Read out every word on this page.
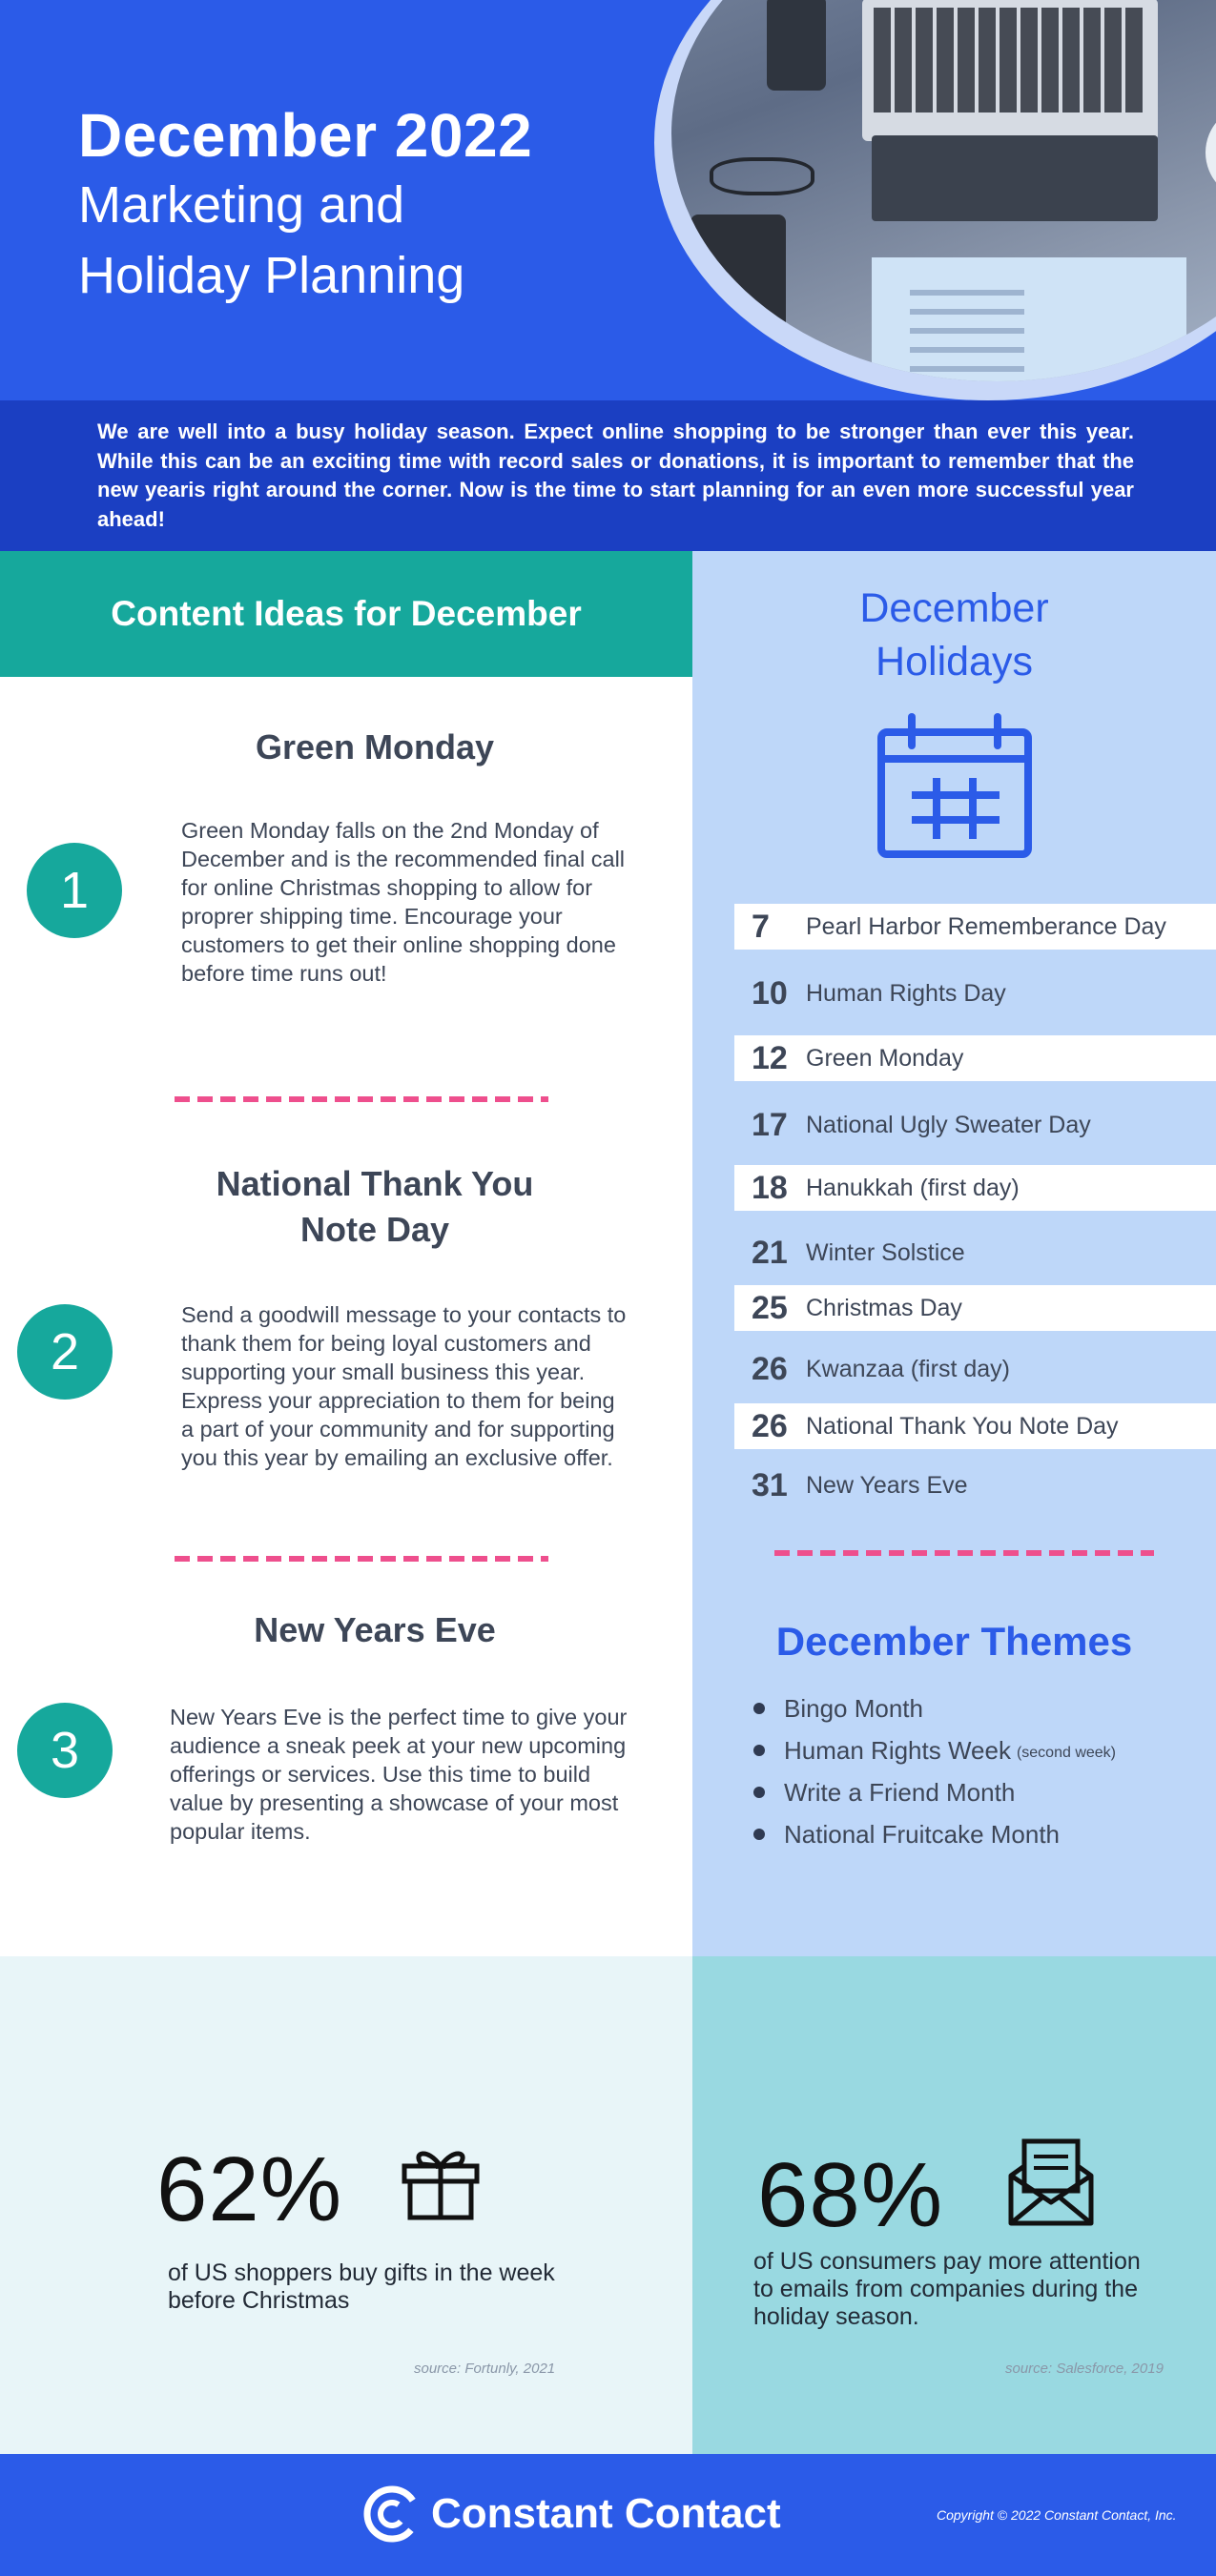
December 2022
Marketing and
Holiday Planning

We are well into a busy holiday season. Expect online shopping to be stronger than ever this year. While this can be an exciting time with record sales or donations, it is important to remember that the new yearis right around the corner. Now is the time to start planning for an even more successful year ahead!

Content Ideas for December
Green Monday
1
Green Monday falls on the 2nd Monday of December and is the recommended final call for online Christmas shopping to allow for proprer shipping time. Encourage your customers to get their online shopping done before time runs out!
National Thank You
Note Day
2
Send a goodwill message to your contacts to thank them for being loyal customers and supporting your small business this year. Express your appreciation to them for being a part of your community and for supporting you this year by emailing an exclusive offer.
New Years Eve
3
New Years Eve is the perfect time to give your audience a sneak peek at your new upcoming offerings or services. Use this time to build value by presenting a showcase of your most popular items.
December
Holidays
7	Pearl Harbor Rememberance Day
10 Human Rights Day
12 Green Monday
17 National Ugly Sweater Day
18 Hanukkah (first day)
21 Winter Solstice
25 Christmas Day
26 Kwanzaa (first day)
26 National Thank You Note Day
31 New Years Eve
December Themes
Bingo Month
Human Rights Week (second week)
Write a Friend Month
National Fruitcake Month
62%
of US shoppers buy gifts in the week before Christmas
source: Fortunly, 2021
68%
of US consumers pay more attention to emails from companies during the holiday season.
source: Salesforce, 2019
Constant Contact	Copyright © 2022 Constant Contact, Inc.
